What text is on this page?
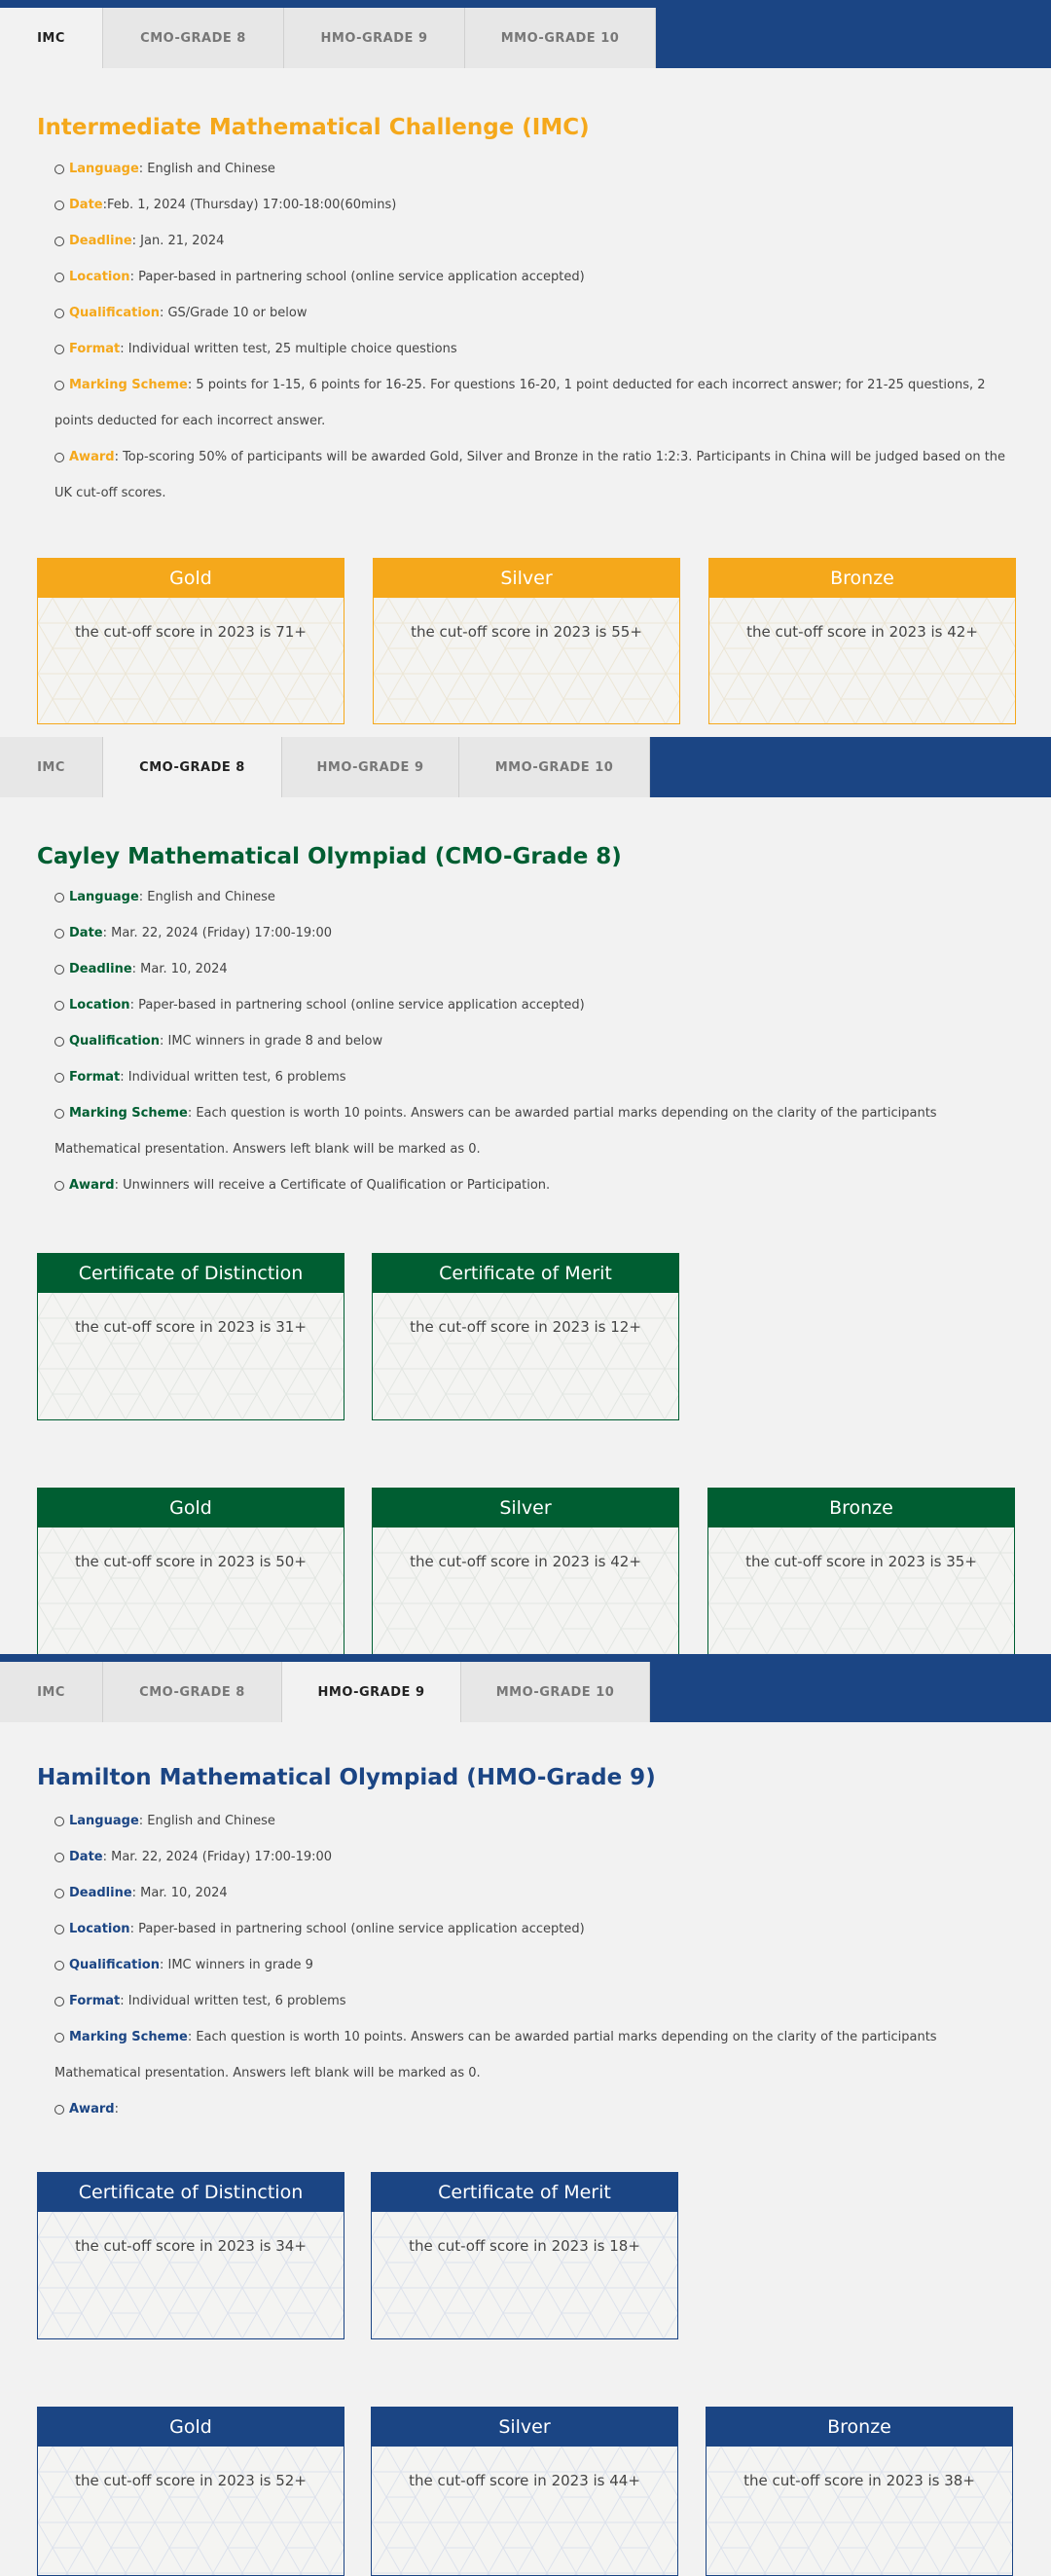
IMC	CMO-GRADE 8	HMO-GRADE 9	MMO-GRADE 10
Intermediate Mathematical Challenge (IMC)
Language: English and Chinese
Date:Feb. 1, 2024 (Thursday) 17:00-18:00(60mins)
Deadline: Jan. 21, 2024
Location: Paper-based in partnering school (online service application accepted)
Qualification: GS/Grade 10 or below
Format: Individual written test, 25 multiple choice questions
Marking Scheme: 5 points for 1-15, 6 points for 16-25. For questions 16-20, 1 point deducted for each incorrect answer; for 21-25 questions, 2 points deducted for each incorrect answer.
Award: Top-scoring 50% of participants will be awarded Gold, Silver and Bronze in the ratio 1:2:3. Participants in China will be judged based on the UK cut-off scores.
Gold
the cut-off score in 2023 is 71+
Silver
the cut-off score in 2023 is 55+
Bronze
the cut-off score in 2023 is 42+
IMC	CMO-GRADE 8	HMO-GRADE 9	MMO-GRADE 10
Cayley Mathematical Olympiad (CMO-Grade 8)
Language: English and Chinese
Date: Mar. 22, 2024 (Friday) 17:00-19:00
Deadline: Mar. 10, 2024
Location: Paper-based in partnering school (online service application accepted)
Qualification: IMC winners in grade 8 and below
Format: Individual written test, 6 problems
Marking Scheme: Each question is worth 10 points. Answers can be awarded partial marks depending on the clarity of the participants Mathematical presentation. Answers left blank will be marked as 0.
Award: Unwinners will receive a Certificate of Qualification or Participation.
Certificate of Distinction
the cut-off score in 2023 is 31+
Certificate of Merit
the cut-off score in 2023 is 12+
Gold
the cut-off score in 2023 is 50+
Silver
the cut-off score in 2023 is 42+
Bronze
the cut-off score in 2023 is 35+
IMC	CMO-GRADE 8	HMO-GRADE 9	MMO-GRADE 10
Hamilton Mathematical Olympiad (HMO-Grade 9)
Language: English and Chinese
Date: Mar. 22, 2024 (Friday) 17:00-19:00
Deadline: Mar. 10, 2024
Location: Paper-based in partnering school (online service application accepted)
Qualification: IMC winners in grade 9
Format: Individual written test, 6 problems
Marking Scheme: Each question is worth 10 points. Answers can be awarded partial marks depending on the clarity of the participants Mathematical presentation. Answers left blank will be marked as 0.
Award:
Certificate of Distinction
the cut-off score in 2023 is 34+
Certificate of Merit
the cut-off score in 2023 is 18+
Gold
the cut-off score in 2023 is 52+
Silver
the cut-off score in 2023 is 44+
Bronze
the cut-off score in 2023 is 38+
